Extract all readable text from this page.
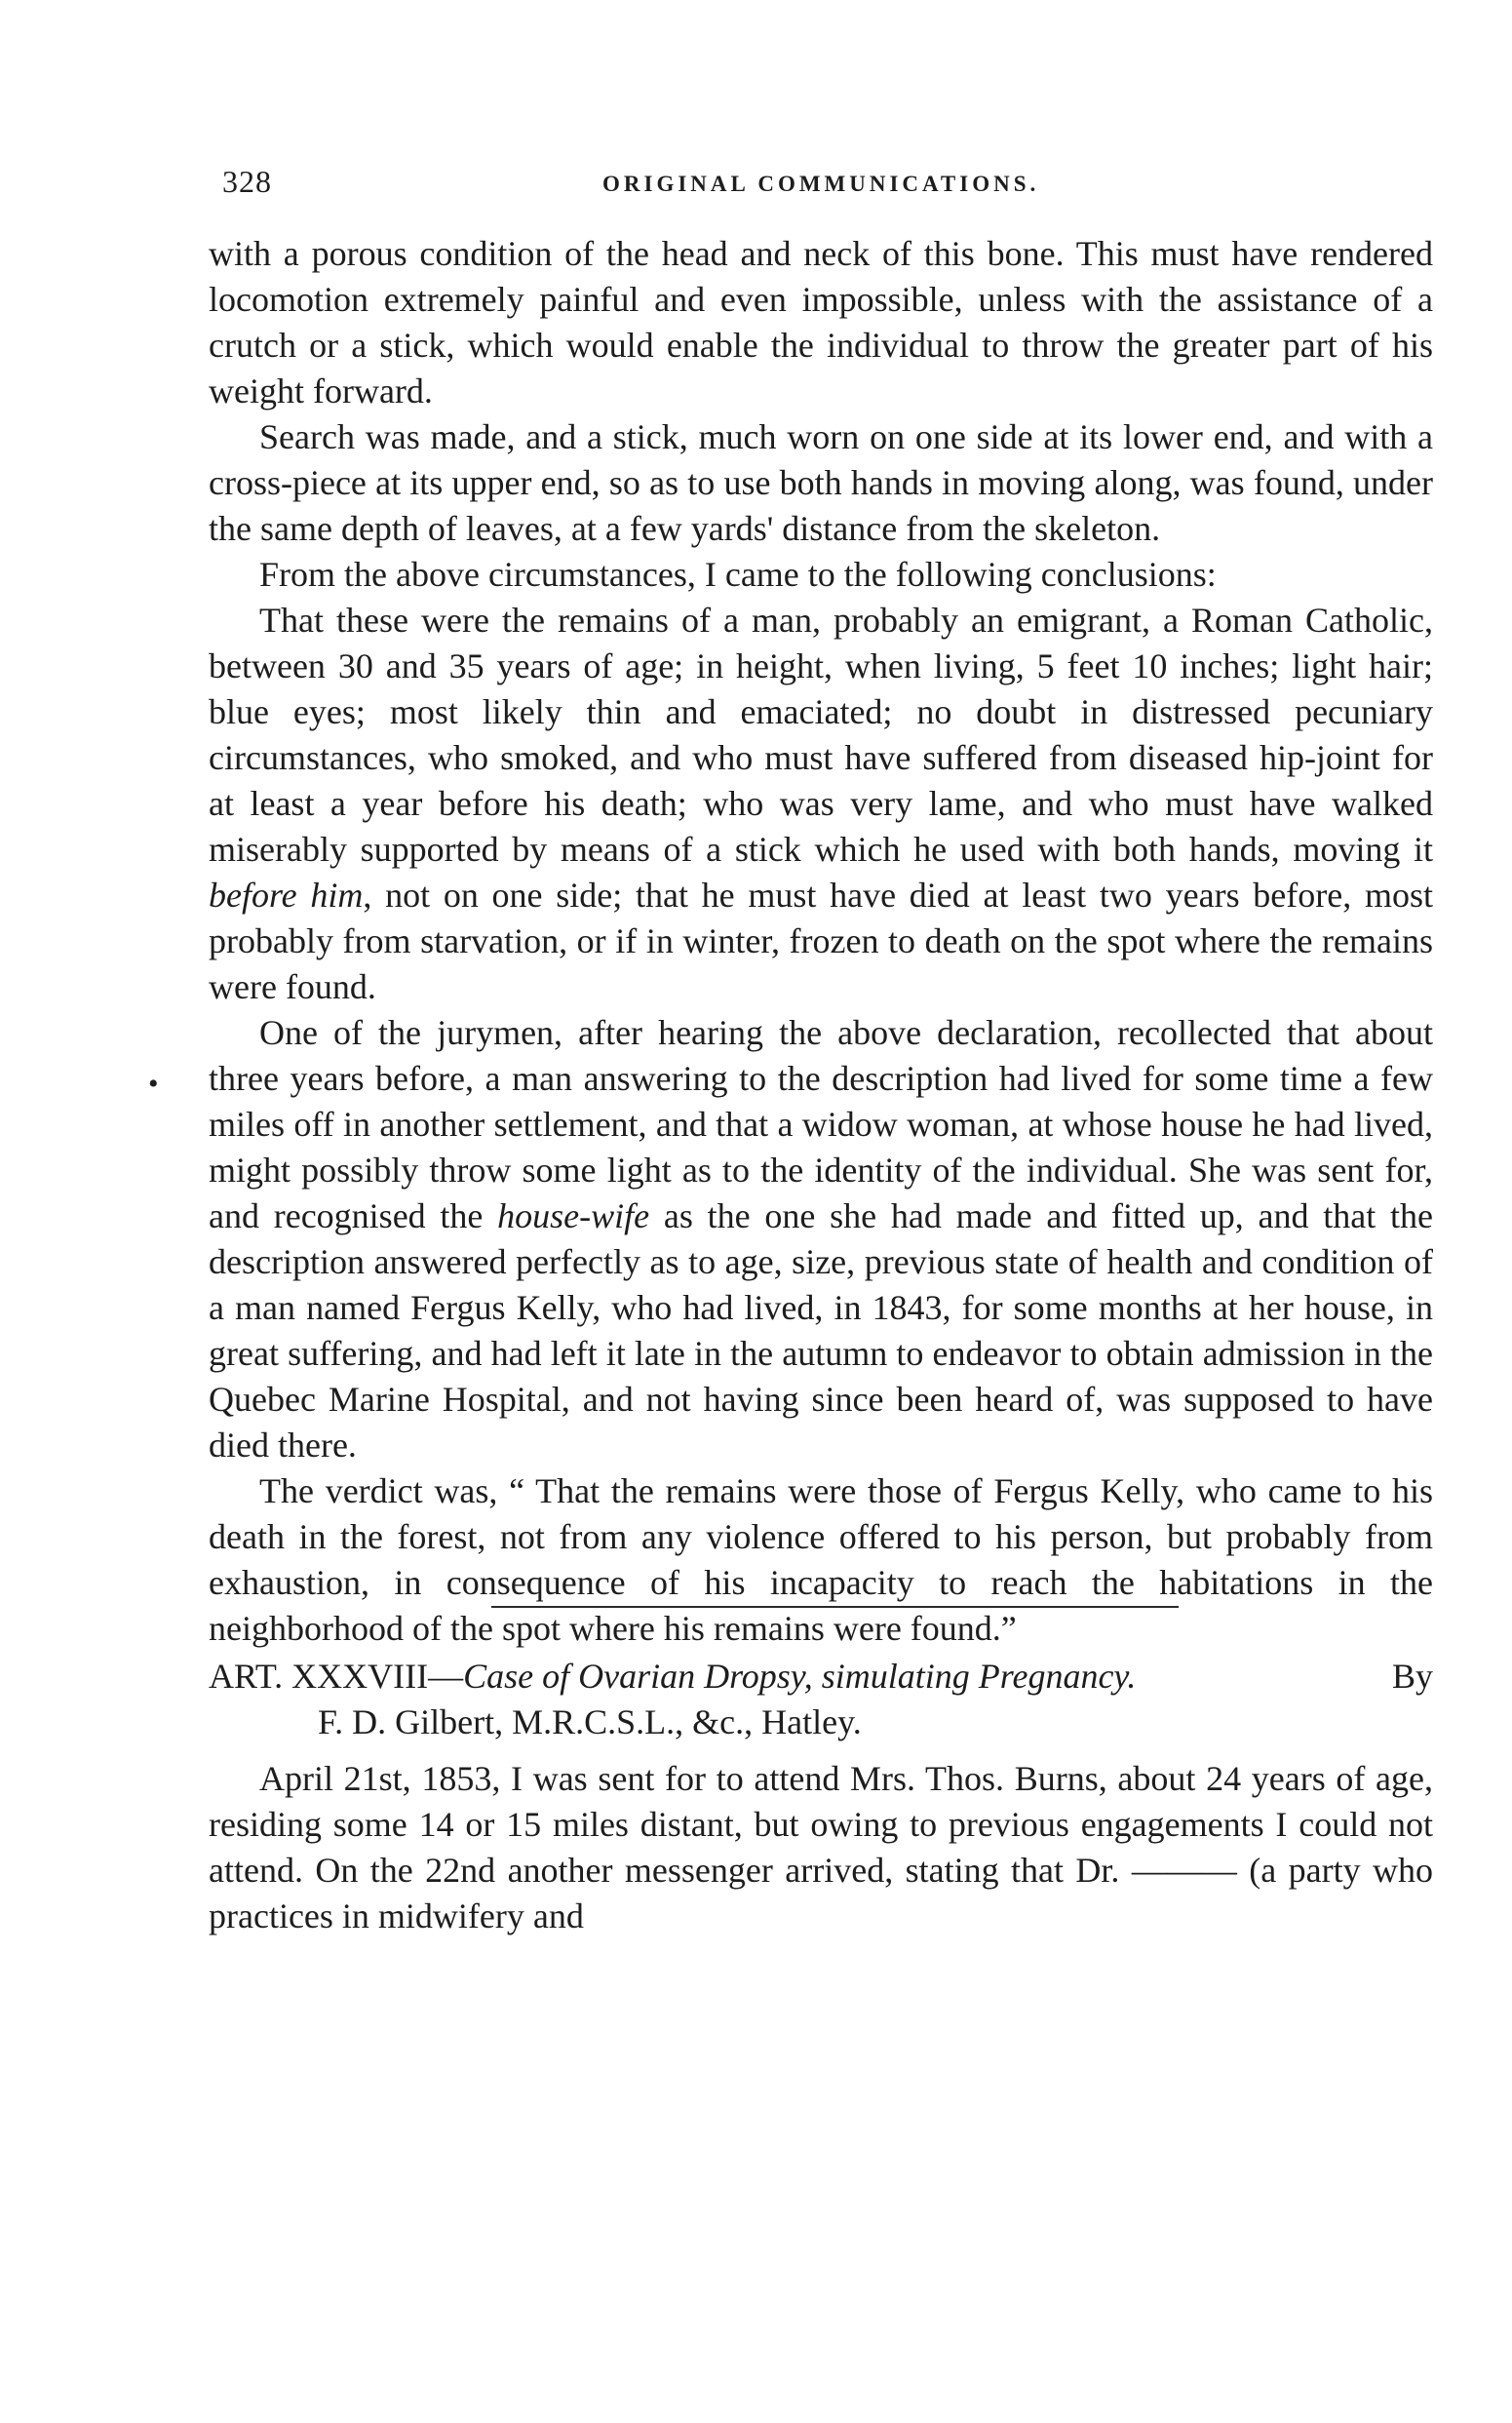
328	ORIGINAL COMMUNICATIONS.
•

with a porous condition of the head and neck of this bone. This must have rendered locomotion extremely painful and even impossible, unless with the assistance of a crutch or a stick, which would enable the individual to throw the greater part of his weight forward.

Search was made, and a stick, much worn on one side at its lower end, and with a cross-piece at its upper end, so as to use both hands in moving along, was found, under the same depth of leaves, at a few yards' distance from the skeleton.

From the above circumstances, I came to the following conclusions:

That these were the remains of a man, probably an emigrant, a Roman Catholic, between 30 and 35 years of age; in height, when living, 5 feet 10 inches; light hair; blue eyes; most likely thin and emaciated; no doubt in distressed pecuniary circumstances, who smoked, and who must have suffered from diseased hip-joint for at least a year before his death; who was very lame, and who must have walked miserably supported by means of a stick which he used with both hands, moving it before him, not on one side; that he must have died at least two years before, most probably from starvation, or if in winter, frozen to death on the spot where the remains were found.

One of the jurymen, after hearing the above declaration, recollected that about three years before, a man answering to the description had lived for some time a few miles off in another settlement, and that a widow woman, at whose house he had lived, might possibly throw some light as to the identity of the individual. She was sent for, and recognised the house-wife as the one she had made and fitted up, and that the description answered perfectly as to age, size, previous state of health and condition of a man named Fergus Kelly, who had lived, in 1843, for some months at her house, in great suffering, and had left it late in the autumn to endeavor to obtain admission in the Quebec Marine Hospital, and not having since been heard of, was supposed to have died there.

The verdict was, “ That the remains were those of Fergus Kelly, who came to his death in the forest, not from any violence offered to his person, but probably from exhaustion, in consequence of his incapacity to reach the habitations in the neighborhood of the spot where his remains were found.”

ART. XXXVIII—Case of Ovarian Dropsy, simulating Pregnancy.	By
F. D. Gilbert, M.R.C.S.L., &c., Hatley.

April 21st, 1853, I was sent for to attend Mrs. Thos. Burns, about 24 years of age, residing some 14 or 15 miles distant, but owing to previous engagements I could not attend. On the 22nd another messenger arrived, stating that Dr. ——— (a party who practices in midwifery and
